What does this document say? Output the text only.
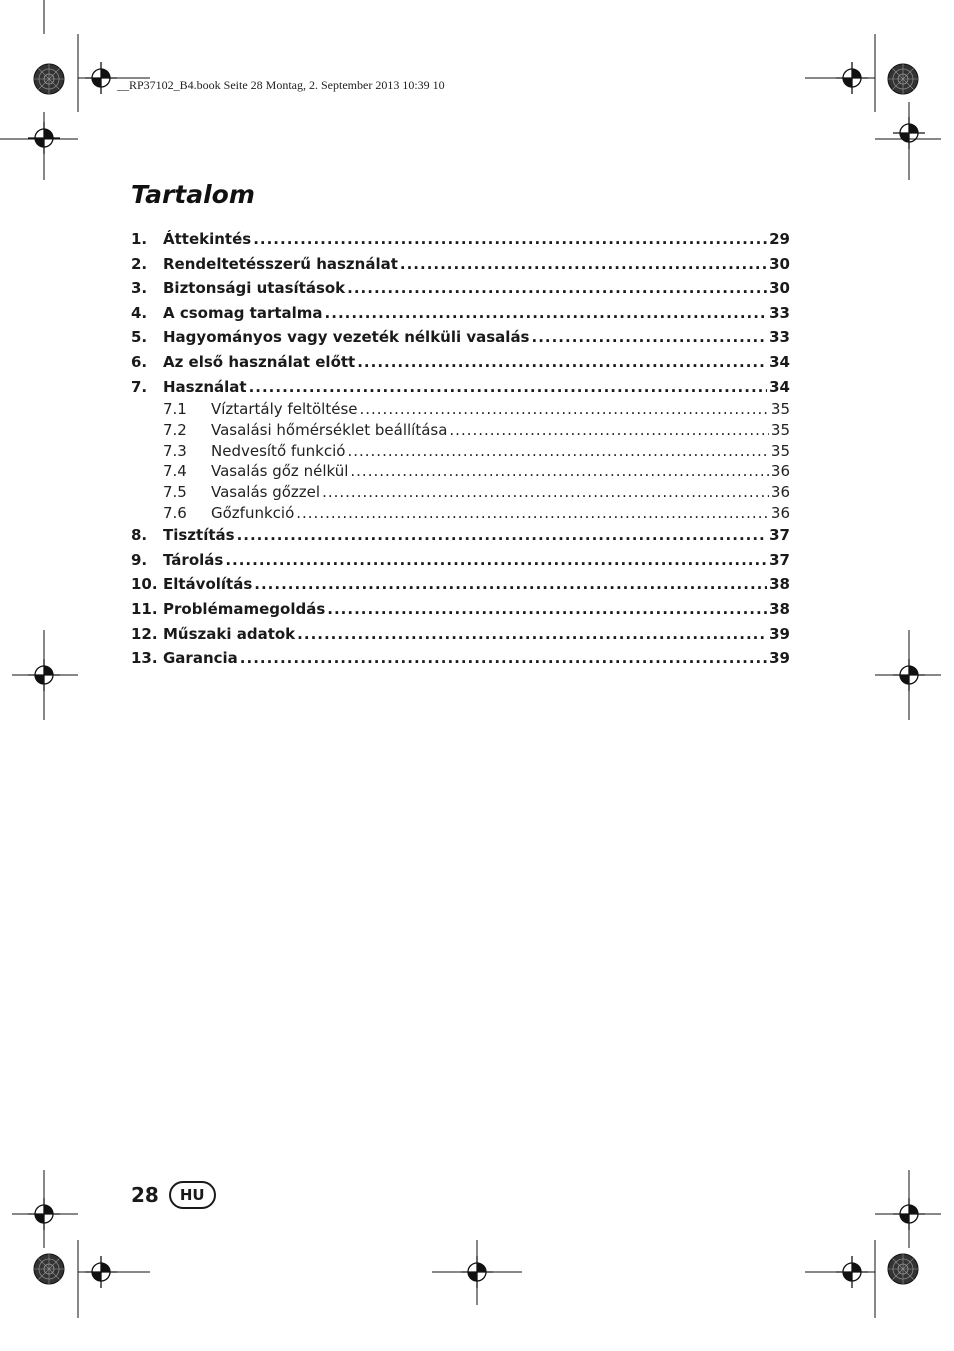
__RP37102_B4.book Seite 28 Montag, 2. September 2013 10:39 10
Tartalom
1.	Áttekintés .....	29
2.	Rendeltetésszerű használat .....	30
3.	Biztonsági utasítások .....	30
4.	A csomag tartalma .....	33
5.	Hagyományos vagy vezeték nélküli vasalás .....	33
6.	Az első használat előtt .....	34
7.	Használat .....	34
7.1	Víztartály feltöltése .....	35
7.2	Vasalási hőmérséklet beállítása .....	35
7.3	Nedvesítő funkció .....	35
7.4	Vasalás gőz nélkül .....	36
7.5	Vasalás gőzzel .....	36
7.6	Gőzfunkció .....	36
8.	Tisztítás .....	37
9.	Tárolás .....	37
10. Eltávolítás .....	38
11. Problémamegoldás .....	38
12. Műszaki adatok .....	39
13. Garancia .....	39
28	HU
